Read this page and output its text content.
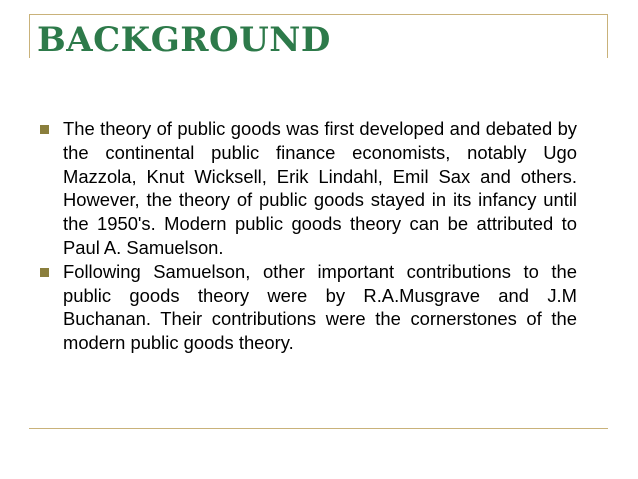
BACKGROUND
The theory of public goods was first developed and debated by the continental public finance economists, notably Ugo Mazzola, Knut Wicksell, Erik Lindahl, Emil Sax and others. However, the theory of public goods stayed in its infancy until the 1950's. Modern public goods theory can be attributed to Paul A. Samuelson.
Following Samuelson, other important contributions to the public goods theory were by R.A.Musgrave and J.M Buchanan. Their contributions were the cornerstones of the modern public goods theory.
